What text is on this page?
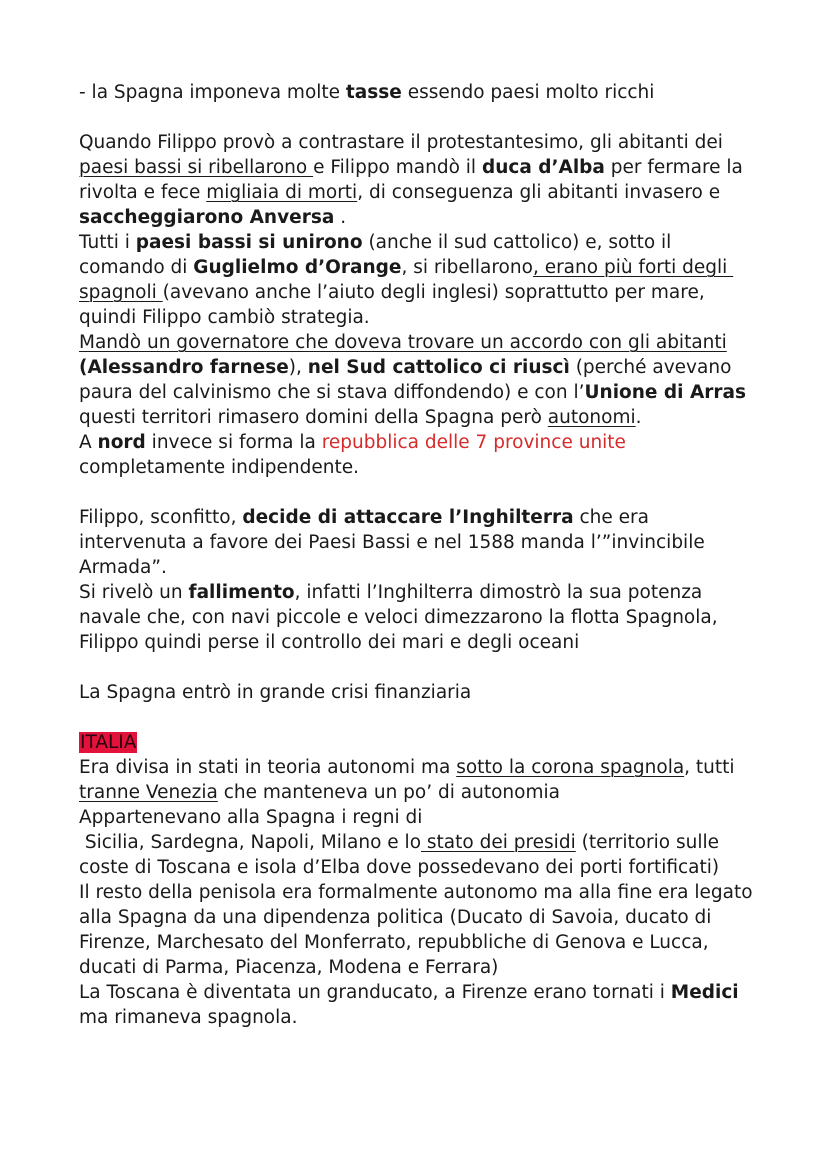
- la Spagna imponeva molte tasse essendo paesi molto ricchi
Quando Filippo provò a contrastare il protestantesimo, gli abitanti dei
paesi bassi si ribellarono e Filippo mandò il duca d’Alba per fermare la
rivolta e fece migliaia di morti, di conseguenza gli abitanti invasero e
saccheggiarono Anversa .
Tutti i paesi bassi si unirono (anche il sud cattolico) e, sotto il
comando di Guglielmo d’Orange, si ribellarono, erano più forti degli
spagnoli (avevano anche l’aiuto degli inglesi) soprattutto per mare,
quindi Filippo cambiò strategia.
Mandò un governatore che doveva trovare un accordo con gli abitanti
(Alessandro farnese), nel Sud cattolico ci riuscì (perché avevano
paura del calvinismo che si stava diffondendo) e con l’Unione di Arras
questi territori rimasero domini della Spagna però autonomi.
A nord invece si forma la repubblica delle 7 province unite
completamente indipendente.
Filippo, sconfitto, decide di attaccare l’Inghilterra che era
intervenuta a favore dei Paesi Bassi e nel 1588 manda l’”invincibile
Armada”.
Si rivelò un fallimento, infatti l’Inghilterra dimostrò la sua potenza
navale che, con navi piccole e veloci dimezzarono la flotta Spagnola,
Filippo quindi perse il controllo dei mari e degli oceani
La Spagna entrò in grande crisi finanziaria
ITALIA
Era divisa in stati in teoria autonomi ma sotto la corona spagnola, tutti
tranne Venezia che manteneva un po’ di autonomia
Appartenevano alla Spagna i regni di
Sicilia, Sardegna, Napoli, Milano e lo stato dei presidi (territorio sulle
coste di Toscana e isola d’Elba dove possedevano dei porti fortificati)
Il resto della penisola era formalmente autonomo ma alla fine era legato
alla Spagna da una dipendenza politica (Ducato di Savoia, ducato di
Firenze, Marchesato del Monferrato, repubbliche di Genova e Lucca,
ducati di Parma, Piacenza, Modena e Ferrara)
La Toscana è diventata un granducato, a Firenze erano tornati i Medici
ma rimaneva spagnola.
